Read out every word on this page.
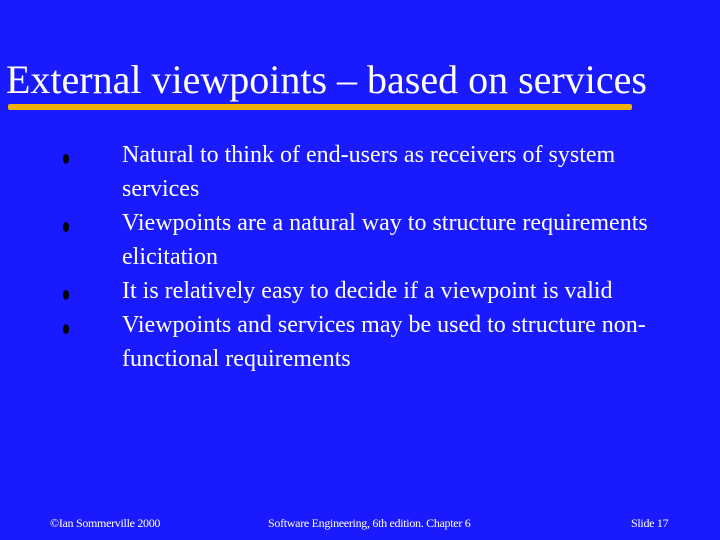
External viewpoints – based on services
Natural to think of end-users as receivers of system services
Viewpoints are a natural way to structure requirements elicitation
It is relatively easy to decide if a viewpoint is valid
Viewpoints and services may be used to structure non-functional requirements
©Ian Sommerville 2000	Software Engineering, 6th edition. Chapter 6	Slide 17
